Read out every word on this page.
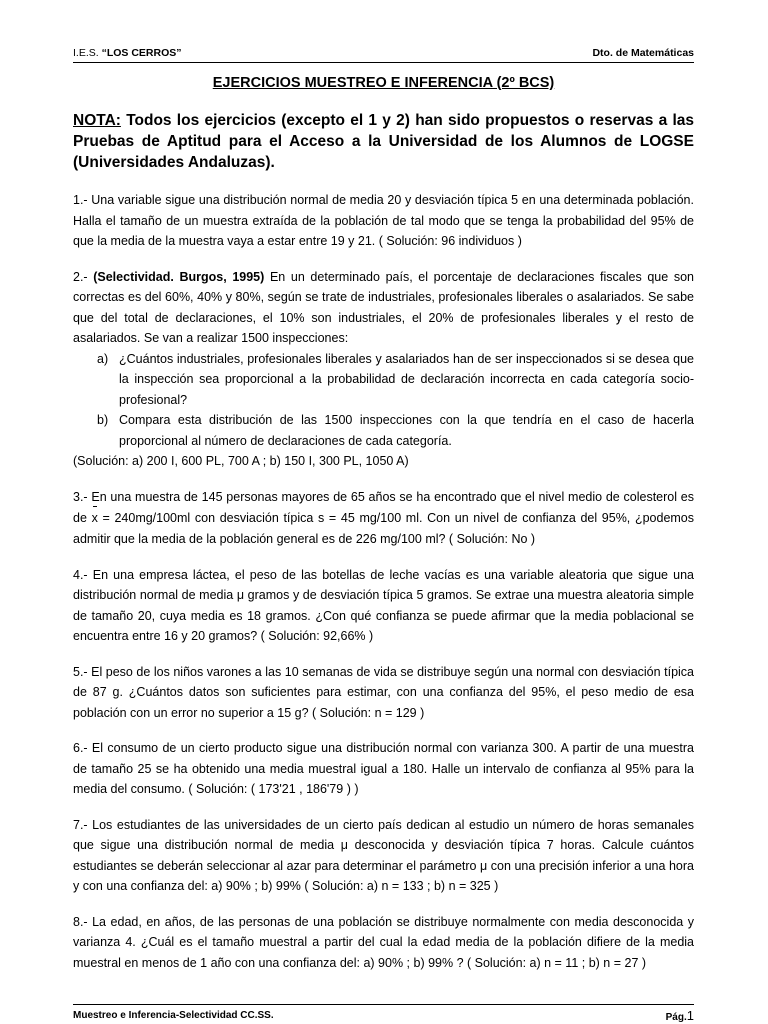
I.E.S. “LOS CERROS”	Dto. de Matemáticas
EJERCICIOS MUESTREO E INFERENCIA (2º BCS)
NOTA: Todos los ejercicios (excepto el 1 y 2) han sido propuestos o reservas a las Pruebas de Aptitud para el Acceso a la Universidad de los Alumnos de LOGSE (Universidades Andaluzas).

1.- Una variable sigue una distribución normal de media 20 y desviación típica 5 en una determinada población. Halla el tamaño de un muestra extraída de la población de tal modo que se tenga la probabilidad del 95% de que la media de la muestra vaya a estar entre 19 y 21. ( Solución: 96 individuos )

2.- (Selectividad. Burgos, 1995) En un determinado país, el porcentaje de declaraciones fiscales que son correctas es del 60%, 40% y 80%, según se trate de industriales, profesionales liberales o asalariados. Se sabe que del total de declaraciones, el 10% son industriales, el 20% de profesionales liberales y el resto de asalariados. Se van a realizar 1500 inspecciones:

a) ¿Cuántos industriales, profesionales liberales y asalariados han de ser inspeccionados si se desea que la inspección sea proporcional a la probabilidad de declaración incorrecta en cada categoría socio-profesional?
b) Compara esta distribución de las 1500 inspecciones con la que tendría en el caso de hacerla proporcional al número de declaraciones de cada categoría.

(Solución: a) 200 I, 600 PL, 700 A ; b) 150 I, 300 PL, 1050 A)

3.- En una muestra de 145 personas mayores de 65 años se ha encontrado que el nivel medio de colesterol es de x = 240mg/100ml con desviación típica s = 45 mg/100 ml. Con un nivel de confianza del 95%, ¿podemos admitir que la media de la población general es de 226 mg/100 ml? ( Solución: No )

4.- En una empresa láctea, el peso de las botellas de leche vacías es una variable aleatoria que sigue una distribución normal de media μ gramos y de desviación típica 5 gramos. Se extrae una muestra aleatoria simple de tamaño 20, cuya media es 18 gramos. ¿Con qué confianza se puede afirmar que la media poblacional se encuentra entre 16 y 20 gramos? ( Solución: 92,66% )

5.- El peso de los niños varones a las 10 semanas de vida se distribuye según una normal con desviación típica de 87 g. ¿Cuántos datos son suficientes para estimar, con una confianza del 95%, el peso medio de esa población con un error no superior a 15 g? ( Solución: n = 129 )

6.- El consumo de un cierto producto sigue una distribución normal con varianza 300. A partir de una muestra de tamaño 25 se ha obtenido una media muestral igual a 180. Halle un intervalo de confianza al 95% para la media del consumo. ( Solución: ( 173'21 , 186'79 ) )

7.- Los estudiantes de las universidades de un cierto país dedican al estudio un número de horas semanales que sigue una distribución normal de media μ desconocida y desviación típica 7 horas. Calcule cuántos estudiantes se deberán seleccionar al azar para determinar el parámetro μ con una precisión inferior a una hora y con una confianza del: a) 90% ; b) 99% ( Solución: a) n = 133 ; b) n = 325 )

8.- La edad, en años, de las personas de una población se distribuye normalmente con media desconocida y varianza 4. ¿Cuál es el tamaño muestral a partir del cual la edad media de la población difiere de la media muestral en menos de 1 año con una confianza del: a) 90% ; b) 99% ? ( Solución: a) n = 11 ; b) n = 27 )

Muestreo e Inferencia-Selectividad CC.SS.	Pág.1
